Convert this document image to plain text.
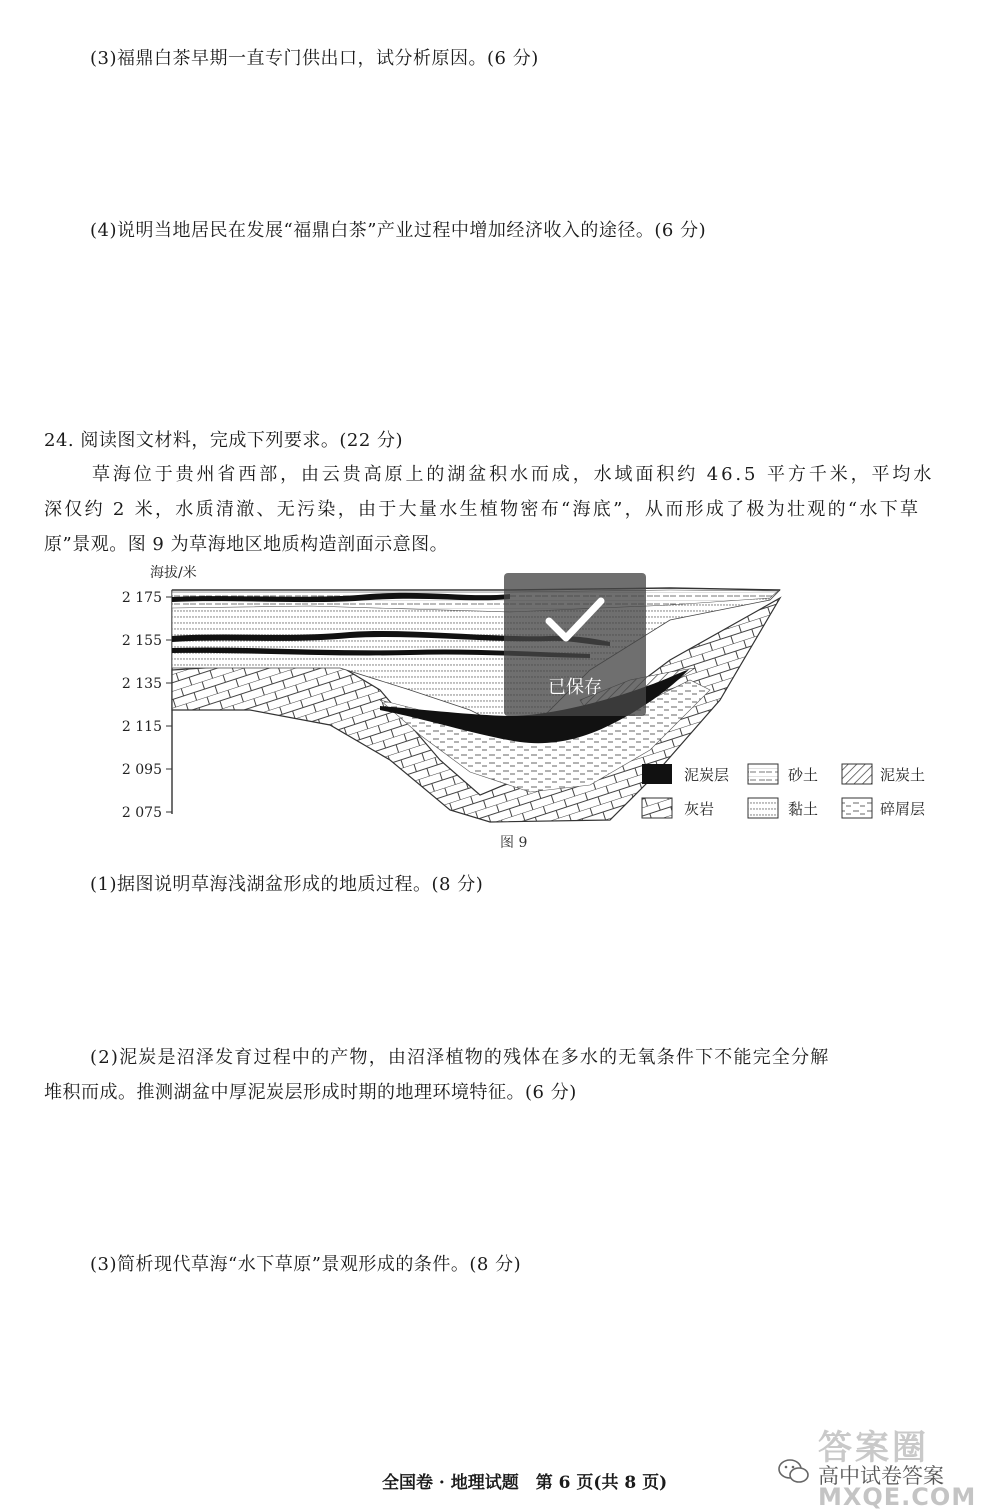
(3)福鼎白茶早期一直专门供出口，试分析原因。(6 分)
(4)说明当地居民在发展“福鼎白茶”产业过程中增加经济收入的途径。(6 分)
24. 阅读图文材料，完成下列要求。(22 分)
草海位于贵州省西部，由云贵高原上的湖盆积水而成，水域面积约 46.5 平方千米，平均水
深仅约 2 米，水质清澈、无污染，由于大量水生植物密布“海底”，从而形成了极为壮观的“水下草
原”景观。图 9 为草海地区地质构造剖面示意图。
海拔/米
2 175
2 155
2 135
2 115
2 095
2 075
泥炭层	砂土	泥炭土
灰岩	黏土	碎屑层
图 9
已保存
(1)据图说明草海浅湖盆形成的地质过程。(8 分)
(2)泥炭是沼泽发育过程中的产物，由沼泽植物的残体在多水的无氧条件下不能完全分解
堆积而成。推测湖盆中厚泥炭层形成时期的地理环境特征。(6 分)
(3)简析现代草海“水下草原”景观形成的条件。(8 分)
全国卷 · 地理试题　第 6 页(共 8 页)
答案圈
高中试卷答案
MXQE.COM
